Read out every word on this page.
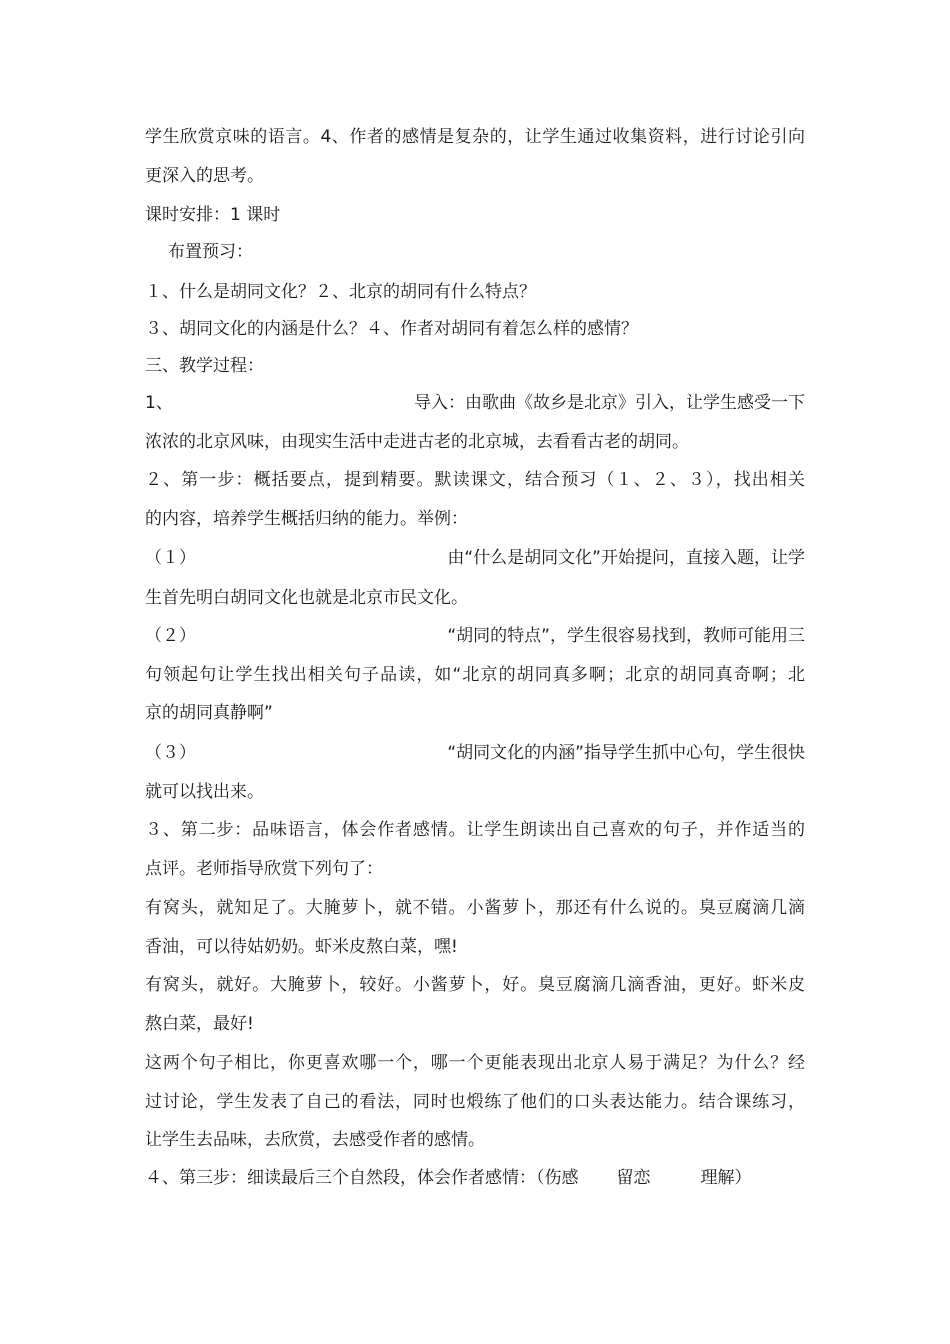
学生欣赏京味的语言。4、作者的感情是复杂的，让学生通过收集资料，进行讨论引向
更深入的思考。
课时安排：1 课时
布置预习：
１、什么是胡同文化？２、北京的胡同有什么特点？
３、胡同文化的内涵是什么？４、作者对胡同有着怎么样的感情？
三、教学过程：
1、	导入：由歌曲《故乡是北京》引入，让学生感受一下
浓浓的北京风味，由现实生活中走进古老的北京城，去看看古老的胡同。
２、第一步：概括要点，提到精要。默读课文，结合预习（１、２、３），找出相关
的内容，培养学生概括归纳的能力。举例：
（１）	由“什么是胡同文化”开始提问，直接入题，让学
生首先明白胡同文化也就是北京市民文化。
（２）	“胡同的特点”，学生很容易找到，教师可能用三
句领起句让学生找出相关句子品读，如“北京的胡同真多啊；北京的胡同真奇啊；北
京的胡同真静啊”
（３）	“胡同文化的内涵”指导学生抓中心句，学生很快
就可以找出来。
３、第二步：品味语言，体会作者感情。让学生朗读出自己喜欢的句子，并作适当的
点评。老师指导欣赏下列句了：
有窝头，就知足了。大腌萝卜，就不错。小酱萝卜，那还有什么说的。臭豆腐滴几滴
香油，可以待姑奶奶。虾米皮熬白菜，嘿!
有窝头，就好。大腌萝卜，较好。小酱萝卜，好。臭豆腐滴几滴香油，更好。虾米皮
熬白菜，最好!
这两个句子相比，你更喜欢哪一个，哪一个更能表现出北京人易于满足？为什么？经
过讨论，学生发表了自己的看法，同时也煅练了他们的口头表达能力。结合课练习，
让学生去品味，去欣赏，去感受作者的感情。
４、第三步：细读最后三个自然段，体会作者感情：（伤感 留恋	理解）
